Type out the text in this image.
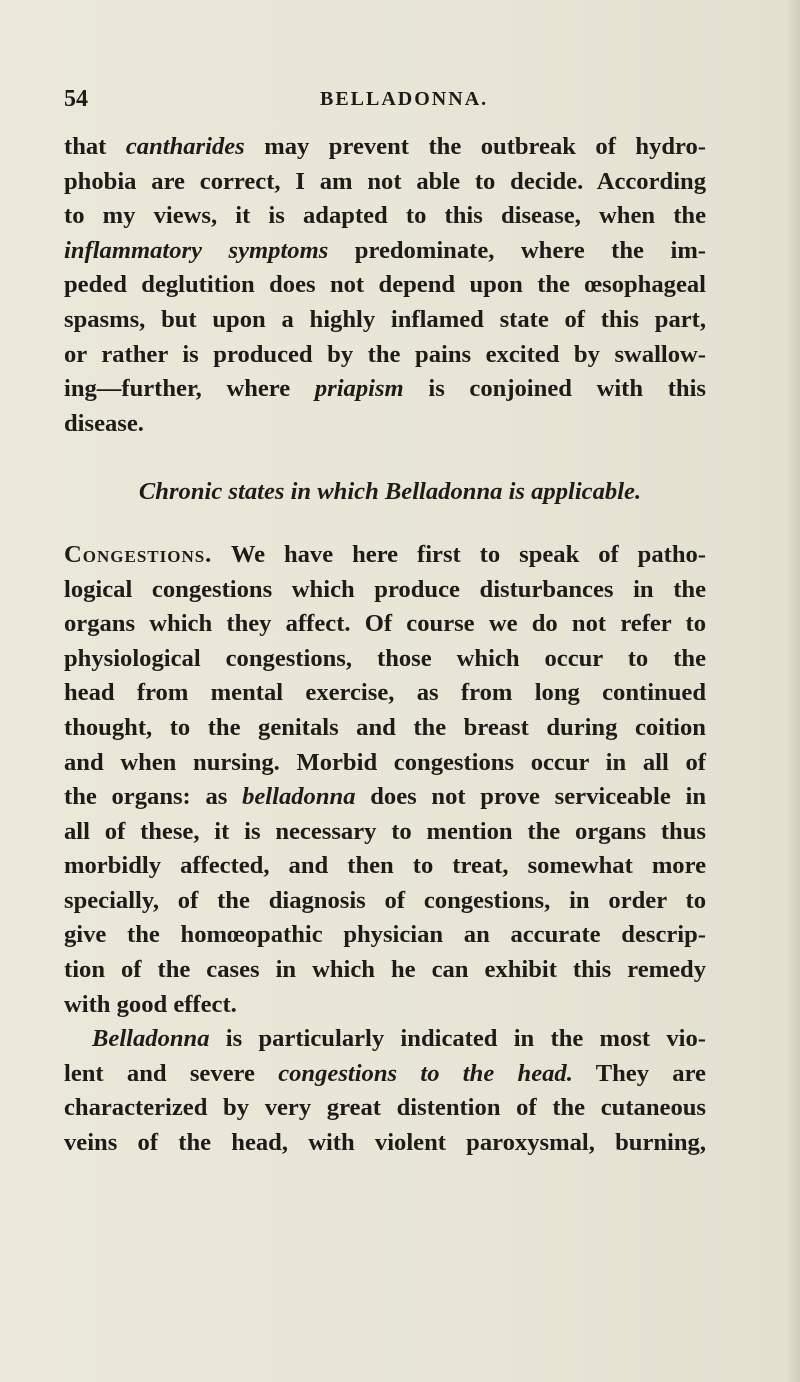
54	BELLADONNA.
that cantharides may prevent the outbreak of hydro-
phobia are correct, I am not able to decide. According
to my views, it is adapted to this disease, when the
inflammatory symptoms predominate, where the im-
peded deglutition does not depend upon the œsophageal
spasms, but upon a highly inflamed state of this part,
or rather is produced by the pains excited by swallow-
ing—further, where priapism is conjoined with this
disease.
Chronic states in which Belladonna is applicable.
Congestions. We have here first to speak of patho-
logical congestions which produce disturbances in the
organs which they affect. Of course we do not refer to
physiological congestions, those which occur to the
head from mental exercise, as from long continued
thought, to the genitals and the breast during coition
and when nursing. Morbid congestions occur in all of
the organs: as belladonna does not prove serviceable in
all of these, it is necessary to mention the organs thus
morbidly affected, and then to treat, somewhat more
specially, of the diagnosis of congestions, in order to
give the homœopathic physician an accurate descrip-
tion of the cases in which he can exhibit this remedy
with good effect.
Belladonna is particularly indicated in the most vio-
lent and severe congestions to the head. They are
characterized by very great distention of the cutaneous
veins of the head, with violent paroxysmal, burning,
